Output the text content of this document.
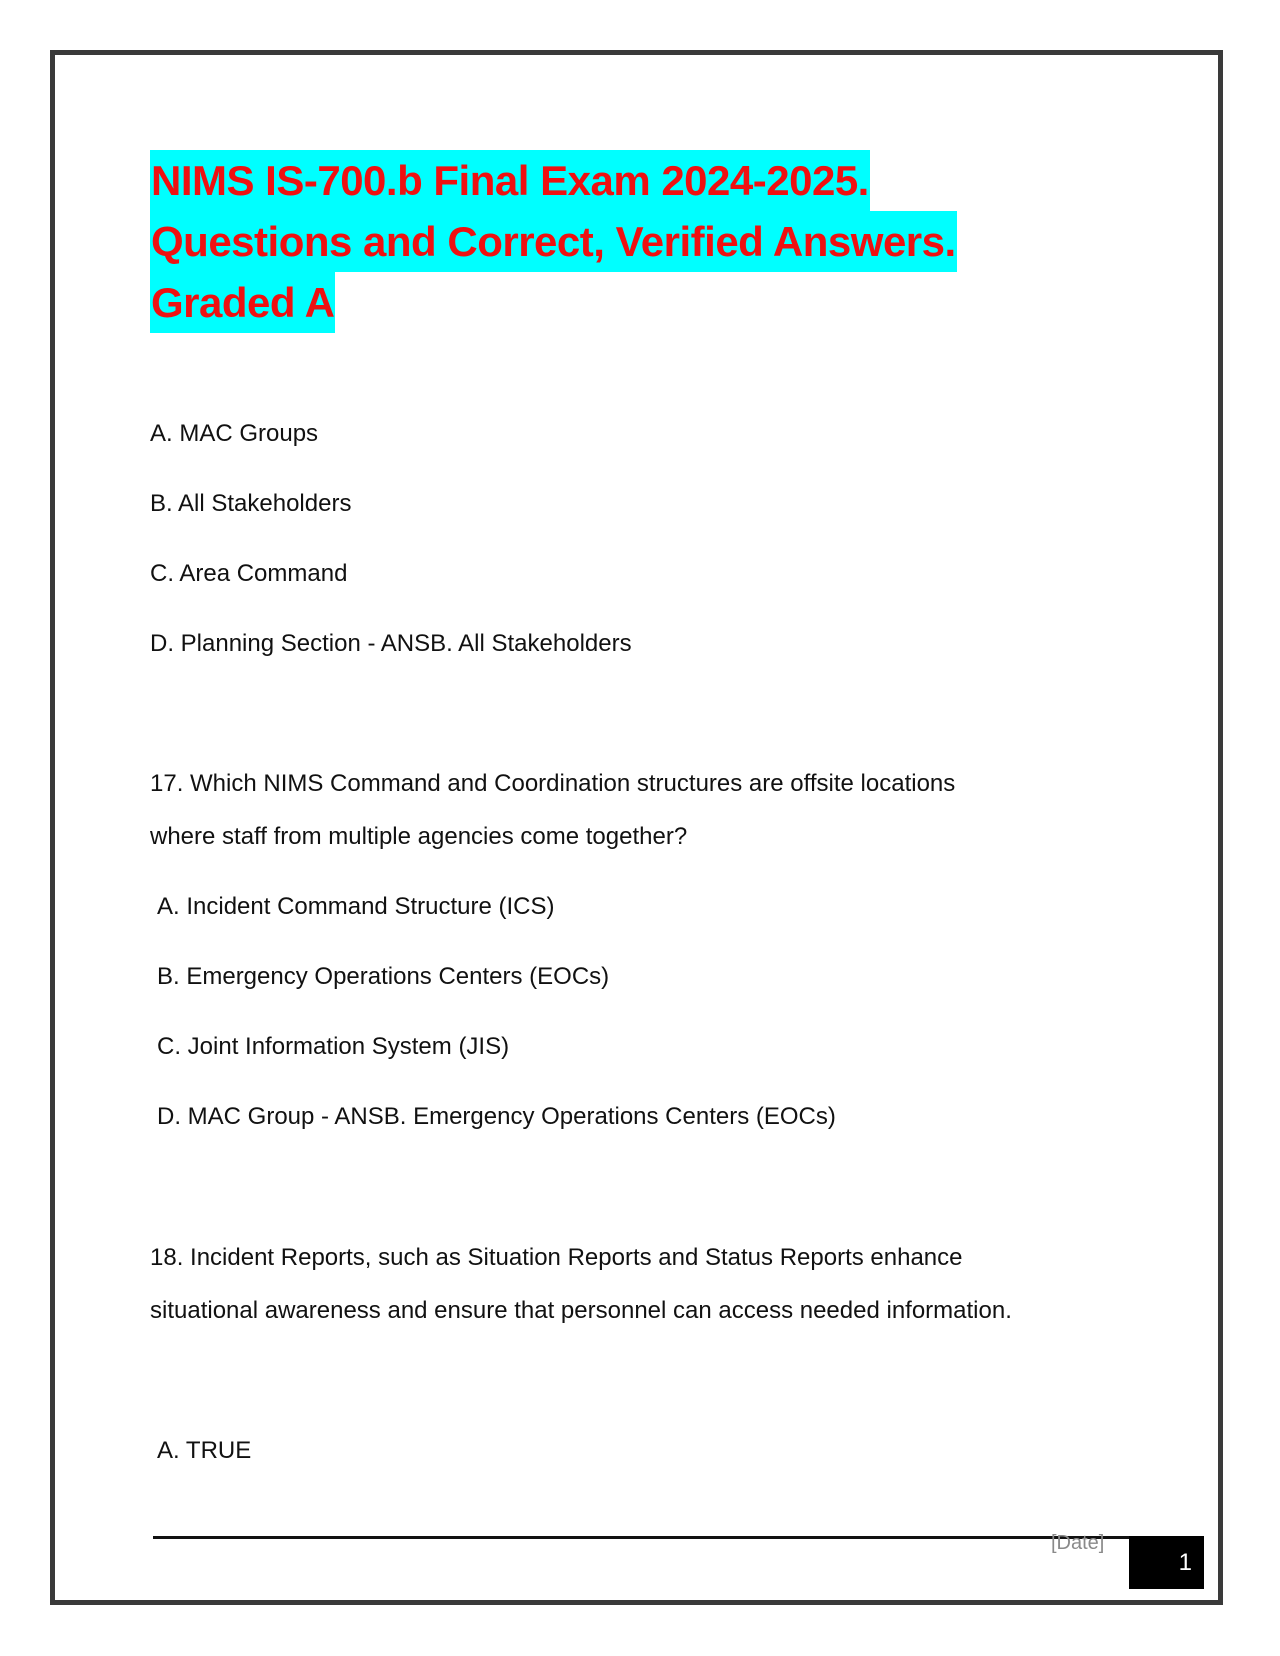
NIMS IS-700.b Final Exam 2024-2025.
Questions and Correct, Verified Answers.
Graded A
A. MAC Groups
B. All Stakeholders
C. Area Command
D. Planning Section - ANSB. All Stakeholders
17. Which NIMS Command and Coordination structures are offsite locations
where staff from multiple agencies come together?
A. Incident Command Structure (ICS)
B. Emergency Operations Centers (EOCs)
C. Joint Information System (JIS)
D. MAC Group - ANSB. Emergency Operations Centers (EOCs)
18. Incident Reports, such as Situation Reports and Status Reports enhance
situational awareness and ensure that personnel can access needed information.
A. TRUE
[Date]
1
